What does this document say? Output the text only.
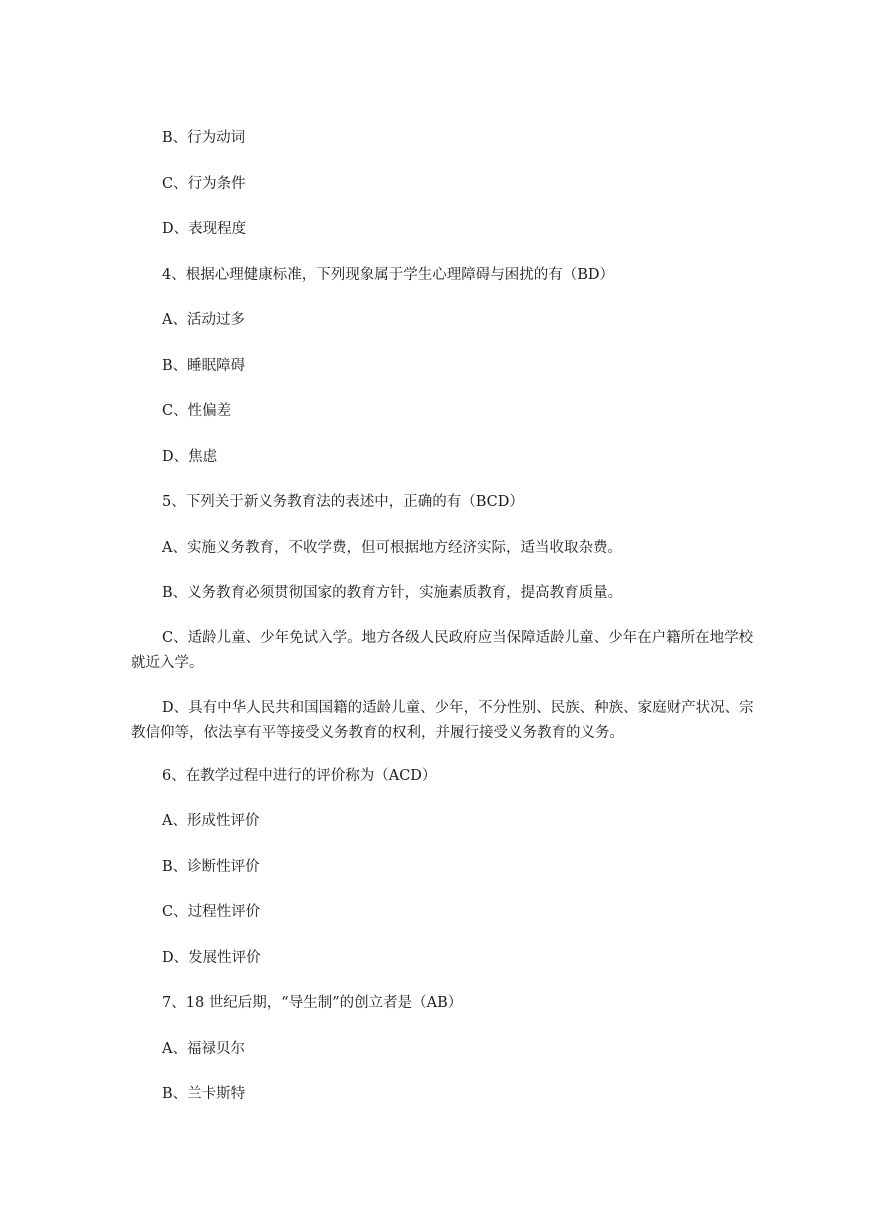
B、行为动词

C、行为条件

D、表现程度

4、根据心理健康标准，下列现象属于学生心理障碍与困扰的有（BD）

A、活动过多

B、睡眠障碍

C、性偏差

D、焦虑

5、下列关于新义务教育法的表述中，正确的有（BCD）

A、实施义务教育，不收学费，但可根据地方经济实际，适当收取杂费。

B、义务教育必须贯彻国家的教育方针，实施素质教育，提高教育质量。

C、适龄儿童、少年免试入学。地方各级人民政府应当保障适龄儿童、少年在户籍所在地学校就近入学。

D、具有中华人民共和国国籍的适龄儿童、少年，不分性别、民族、种族、家庭财产状况、宗教信仰等，依法享有平等接受义务教育的权利，并履行接受义务教育的义务。

6、在教学过程中进行的评价称为（ACD）

A、形成性评价

B、诊断性评价

C、过程性评价

D、发展性评价

7、18 世纪后期，“导生制”的创立者是（AB）

A、福禄贝尔

B、兰卡斯特
